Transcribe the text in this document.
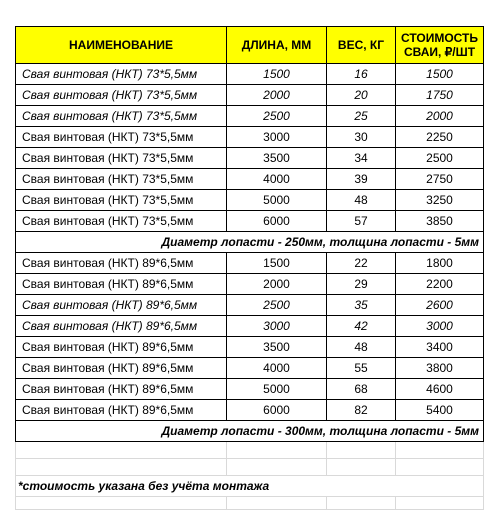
НАИМЕНОВАНИЕ	ДЛИНА, ММ	ВЕС, КГ	СТОИМОСТЬ
СВАИ, ₽/ШТ
Свая винтовая (НКТ) 73*5,5мм	1500	16	1500
Свая винтовая (НКТ) 73*5,5мм	2000	20	1750
Свая винтовая (НКТ) 73*5,5мм	2500	25	2000
Свая винтовая (НКТ) 73*5,5мм	3000	30	2250
Свая винтовая (НКТ) 73*5,5мм	3500	34	2500
Свая винтовая (НКТ) 73*5,5мм	4000	39	2750
Свая винтовая (НКТ) 73*5,5мм	5000	48	3250
Свая винтовая (НКТ) 73*5,5мм	6000	57	3850
Диаметр лопасти - 250мм, толщина лопасти - 5мм			
Свая винтовая (НКТ) 89*6,5мм	1500	22	1800
Свая винтовая (НКТ) 89*6,5мм	2000	29	2200
Свая винтовая (НКТ) 89*6,5мм	2500	35	2600
Свая винтовая (НКТ) 89*6,5мм	3000	42	3000
Свая винтовая (НКТ) 89*6,5мм	3500	48	3400
Свая винтовая (НКТ) 89*6,5мм	4000	55	3800
Свая винтовая (НКТ) 89*6,5мм	5000	68	4600
Свая винтовая (НКТ) 89*6,5мм	6000	82	5400
Диаметр лопасти - 300мм, толщина лопасти - 5мм			

*стоимость указана без учёта монтажа			
